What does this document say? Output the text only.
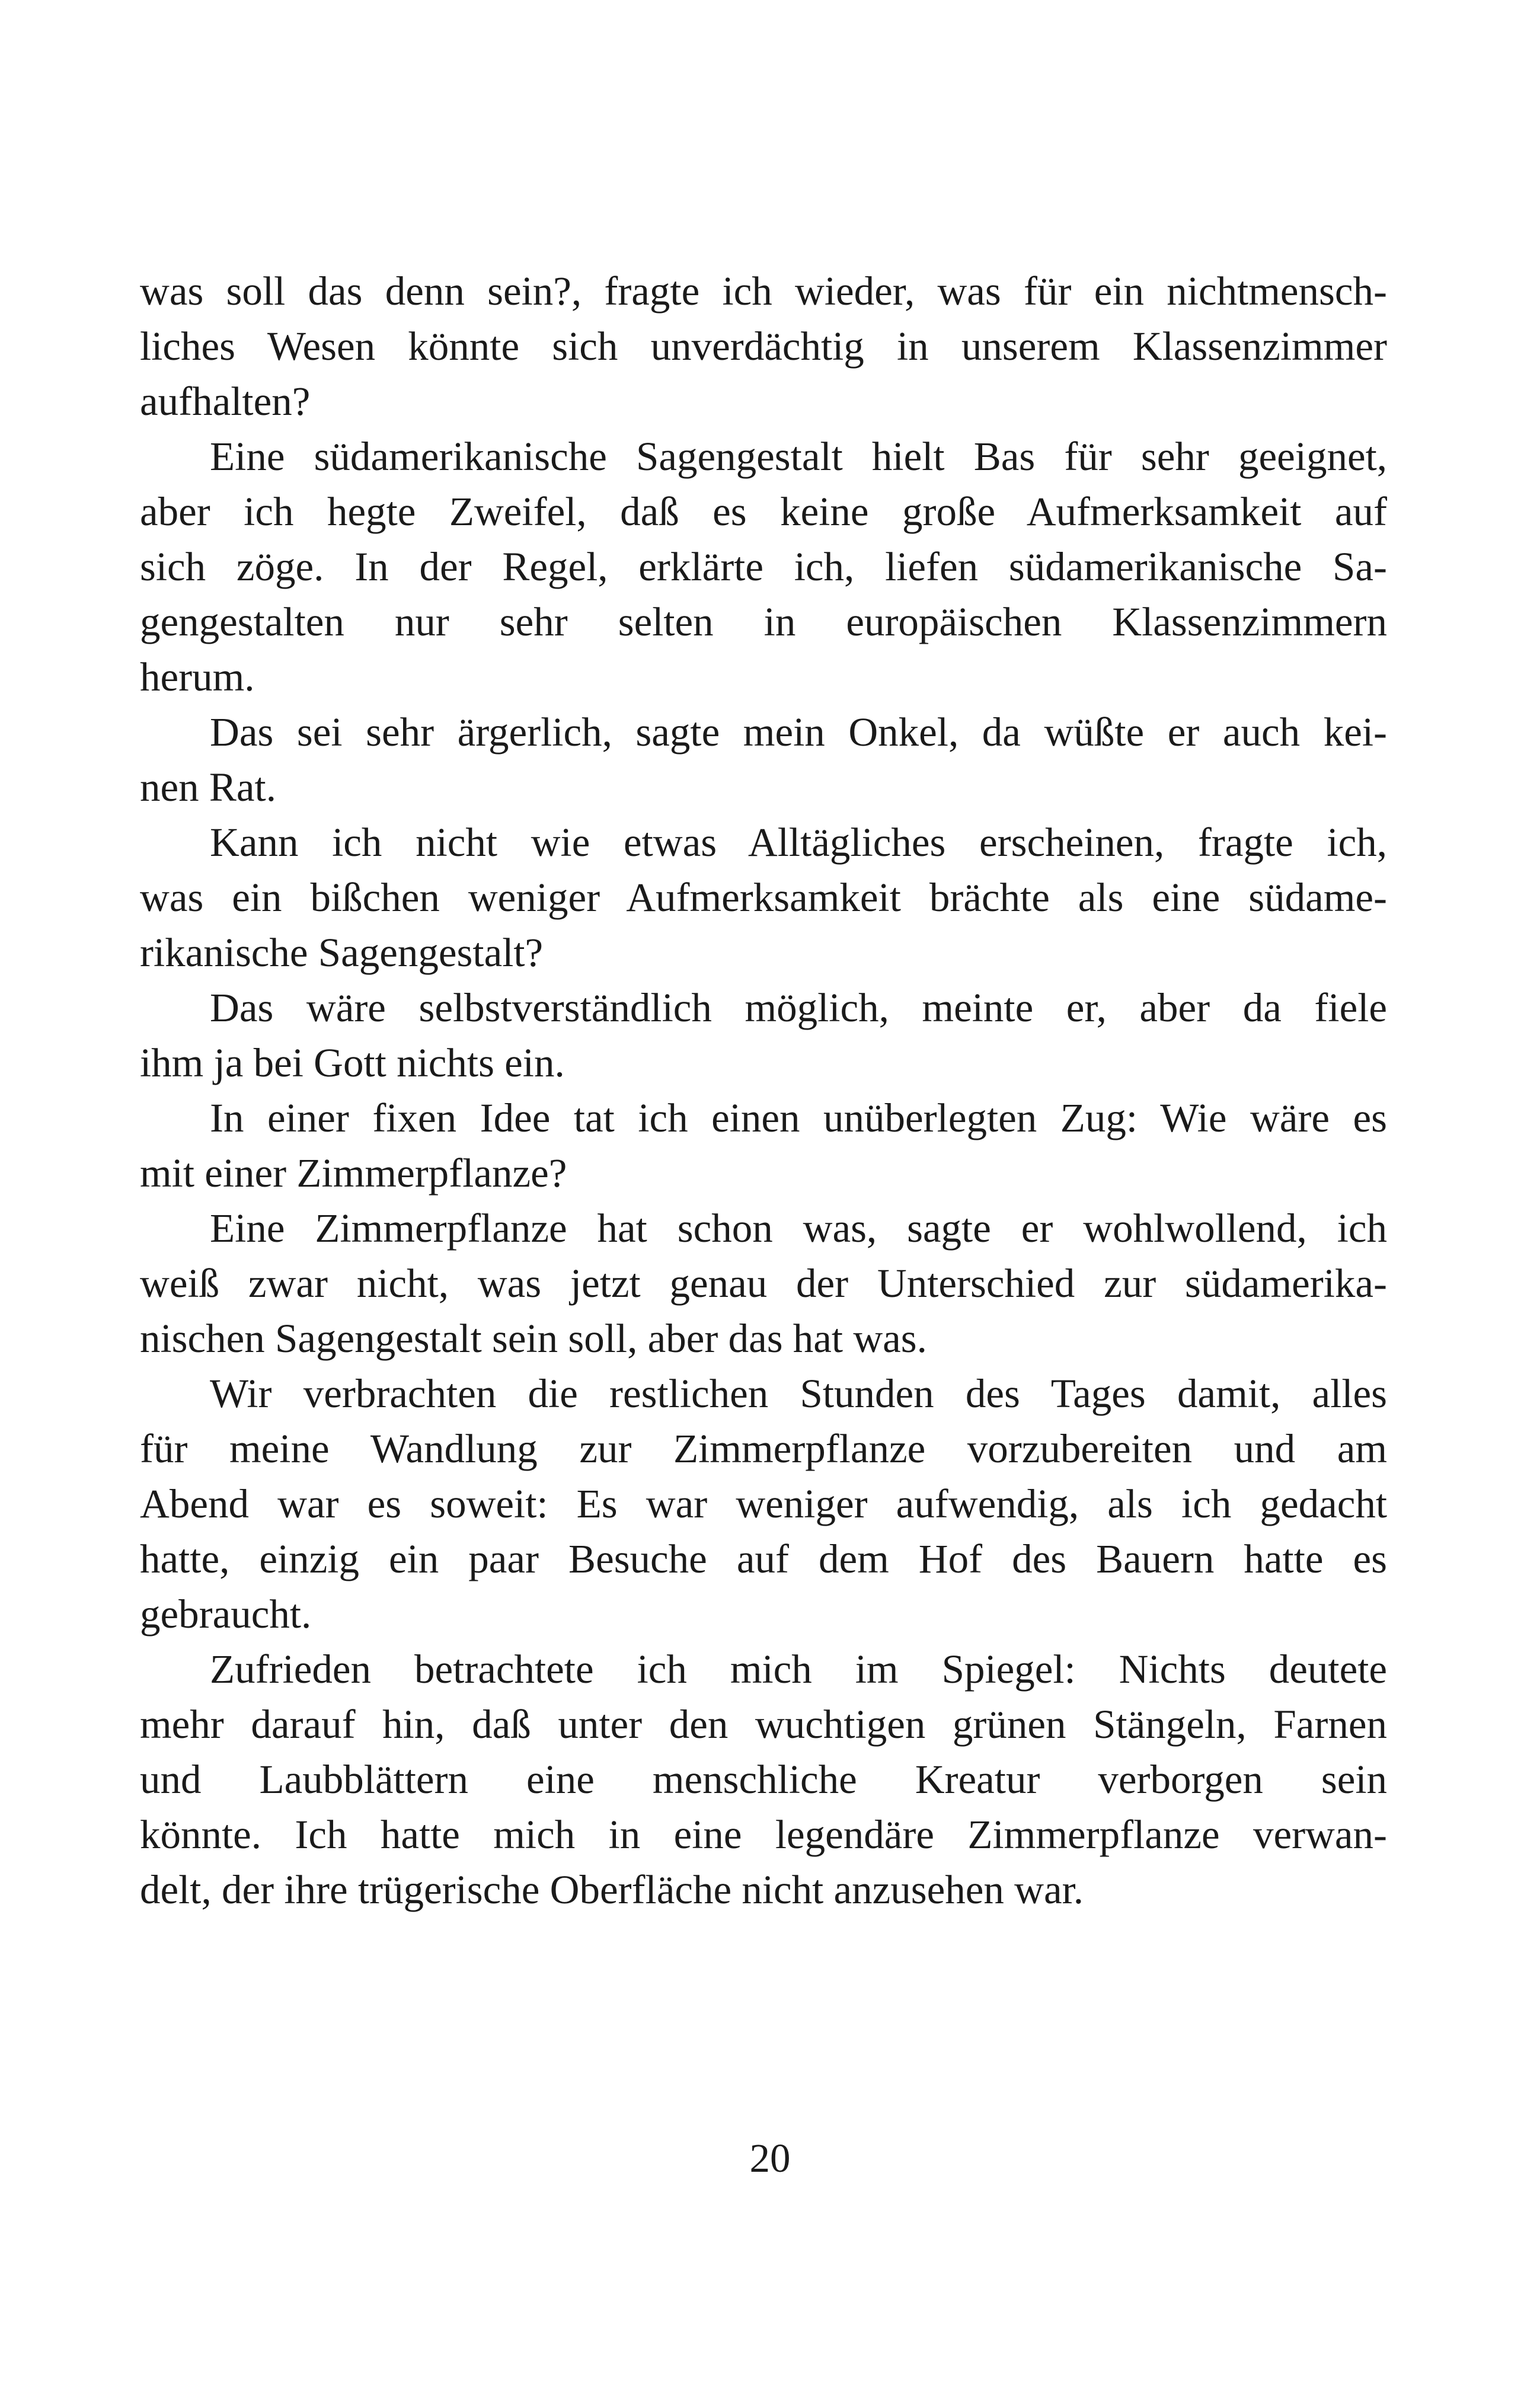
was soll das denn sein?, fragte ich wieder, was für ein nichtmensch-
liches Wesen könnte sich unverdächtig in unserem Klassenzimmer
aufhalten?
Eine südamerikanische Sagengestalt hielt Bas für sehr geeignet,
aber ich hegte Zweifel, daß es keine große Aufmerksamkeit auf
sich zöge. In der Regel, erklärte ich, liefen südamerikanische Sa-
gengestalten nur sehr selten in europäischen Klassenzimmern
herum.
Das sei sehr ärgerlich, sagte mein Onkel, da wüßte er auch kei-
nen Rat.
Kann ich nicht wie etwas Alltägliches erscheinen, fragte ich,
was ein bißchen weniger Aufmerksamkeit brächte als eine südame-
rikanische Sagengestalt?
Das wäre selbstverständlich möglich, meinte er, aber da fiele
ihm ja bei Gott nichts ein.
In einer fixen Idee tat ich einen unüberlegten Zug: Wie wäre es
mit einer Zimmerpflanze?
Eine Zimmerpflanze hat schon was, sagte er wohlwollend, ich
weiß zwar nicht, was jetzt genau der Unterschied zur südamerika-
nischen Sagengestalt sein soll, aber das hat was.
Wir verbrachten die restlichen Stunden des Tages damit, alles
für meine Wandlung zur Zimmerpflanze vorzubereiten und am
Abend war es soweit: Es war weniger aufwendig, als ich gedacht
hatte, einzig ein paar Besuche auf dem Hof des Bauern hatte es
gebraucht.
Zufrieden betrachtete ich mich im Spiegel: Nichts deutete
mehr darauf hin, daß unter den wuchtigen grünen Stängeln, Farnen
und Laubblättern eine menschliche Kreatur verborgen sein
könnte. Ich hatte mich in eine legendäre Zimmerpflanze verwan-
delt, der ihre trügerische Oberfläche nicht anzusehen war.
20
